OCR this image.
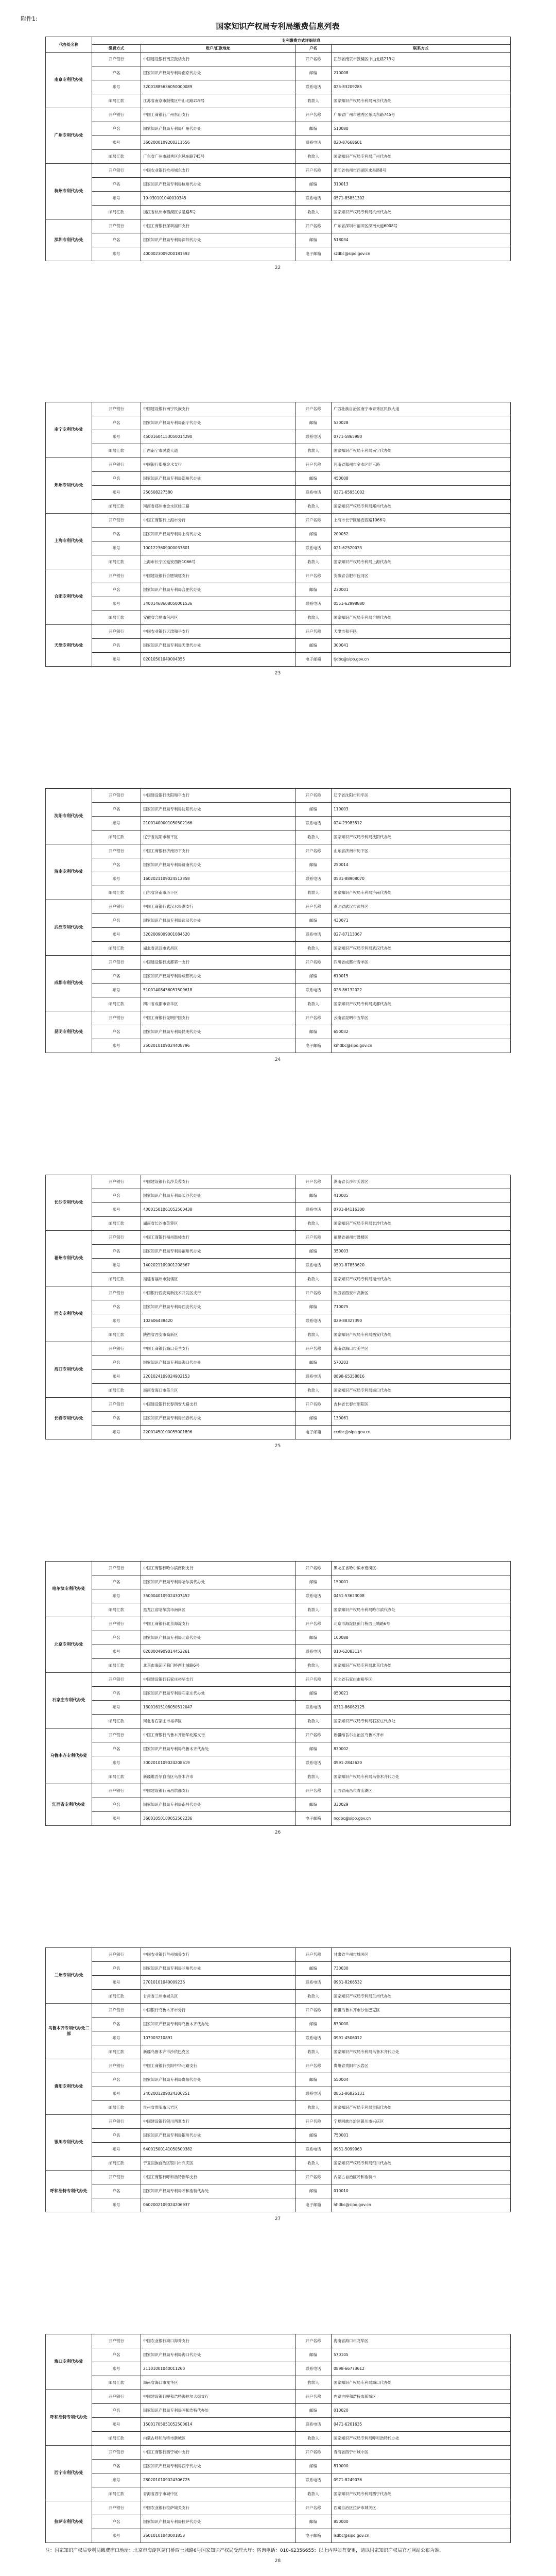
附件1:
国家知识产权局专利局缴费信息列表
代办处名称	专利缴费方式详细信息			
	缴费方式	账户/汇款地址	户名	联系方式
南京专利代办处	开户银行	中国建设银行南京鼓楼支行	开户名称	江苏省南京市鼓楼区中山北路219号
	户名	国家知识产权局专利局南京代办处	邮编	210008
	账号	32001885636050000089	联系电话	025-83209285
	邮局汇款	江苏省南京市鼓楼区中山北路219号	收款人	国家知识产权局专利局南京代办处
广州专利代办处	开户银行	中国工商银行广州东山支行	开户名称	广东省广州市越秀区东风东路745号
	户名	国家知识产权局专利局广州代办处	邮编	510080
	账号	3602000109200211556	联系电话	020-87668601
	邮局汇款	广东省广州市越秀区东风东路745号	收款人	国家知识产权局专利局广州代办处
杭州专利代办处	开户银行	中国农业银行杭州城东支行	开户名称	浙江省杭州市西湖区求是路8号
	户名	国家知识产权局专利局杭州代办处	邮编	310013
	账号	19-030101040010345	联系电话	0571-85851302
	邮局汇款	浙江省杭州市西湖区求是路8号	收款人	国家知识产权局专利局杭州代办处
深圳专利代办处	开户银行	中国工商银行深圳福田支行	开户名称	广东省深圳市福田区深南大道6008号
	户名	国家知识产权局专利局深圳代办处	邮编	518034
	账号	4000023009200181592	电子邮箱	szdbc@sipo.gov.cn
22
南宁专利代办处	开户银行	中国建设银行南宁民族支行	开户名称	广西壮族自治区南宁市青秀区民族大道
	户名	国家知识产权局专利局南宁代办处	邮编	530028
	账号	45001604153050014290	联系电话	0771-5865980
	邮局汇款	广西南宁市民族大道	收款人	国家知识产权局专利局南宁代办处
郑州专利代办处	开户银行	中国银行郑州金水支行	开户名称	河南省郑州市金水区经三路
	户名	国家知识产权局专利局郑州代办处	邮编	450008
	账号	250508227580	联系电话	0371-65951002
	邮局汇款	河南省郑州市金水区经三路	收款人	国家知识产权局专利局郑州代办处
上海专利代办处	开户银行	中国工商银行上海市分行	开户名称	上海市长宁区延安西路1066号
	户名	国家知识产权局专利局上海代办处	邮编	200052
	账号	1001223609000037801	联系电话	021-62520033
	邮局汇款	上海市长宁区延安西路1066号	收款人	国家知识产权局专利局上海代办处
合肥专利代办处	开户银行	中国建设银行合肥城建支行	开户名称	安徽省合肥市包河区
	户名	国家知识产权局专利局合肥代办处	邮编	230001
	账号	34001468608050001536	联系电话	0551-62998880
	邮局汇款	安徽省合肥市包河区	收款人	国家知识产权局专利局合肥代办处
天津专利代办处	开户银行	中国农业银行天津和平支行	开户名称	天津市和平区
	户名	国家知识产权局专利局天津代办处	邮编	300041
	账号	02010501040004355	电子邮箱	tjdbc@sipo.gov.cn
23
沈阳专利代办处	开户银行	中国建设银行沈阳和平支行	开户名称	辽宁省沈阳市和平区
	户名	国家知识产权局专利局沈阳代办处	邮编	110003
	账号	21001400001050502166	联系电话	024-23983512
	邮局汇款	辽宁省沈阳市和平区	收款人	国家知识产权局专利局沈阳代办处
济南专利代办处	开户银行	中国工商银行济南历下支行	开户名称	山东省济南市历下区
	户名	国家知识产权局专利局济南代办处	邮编	250014
	账号	1602021109024512358	联系电话	0531-88908070
	邮局汇款	山东省济南市历下区	收款人	国家知识产权局专利局济南代办处
武汉专利代办处	开户银行	中国工商银行武汉水果湖支行	开户名称	湖北省武汉市武昌区
	户名	国家知识产权局专利局武汉代办处	邮编	430071
	账号	3202009009001084520	联系电话	027-87113367
	邮局汇款	湖北省武汉市武昌区	收款人	国家知识产权局专利局武汉代办处
成都专利代办处	开户银行	中国建设银行成都第一支行	开户名称	四川省成都市青羊区
	户名	国家知识产权局专利局成都代办处	邮编	610015
	账号	51001408436051509618	联系电话	028-86132022
	邮局汇款	四川省成都市青羊区	收款人	国家知识产权局专利局成都代办处
昆明专利代办处	开户银行	中国工商银行昆明护国支行	开户名称	云南省昆明市五华区
	户名	国家知识产权局专利局昆明代办处	邮编	650032
	账号	2502010109024408796	电子邮箱	kmdbc@sipo.gov.cn
24
长沙专利代办处	开户银行	中国建设银行长沙芙蓉支行	开户名称	湖南省长沙市芙蓉区
	户名	国家知识产权局专利局长沙代办处	邮编	410005
	账号	43001501061052500438	联系电话	0731-84116300
	邮局汇款	湖南省长沙市芙蓉区	收款人	国家知识产权局专利局长沙代办处
福州专利代办处	开户银行	中国工商银行福州鼓楼支行	开户名称	福建省福州市鼓楼区
	户名	国家知识产权局专利局福州代办处	邮编	350003
	账号	1402021109001208367	联系电话	0591-87853620
	邮局汇款	福建省福州市鼓楼区	收款人	国家知识产权局专利局福州代办处
西安专利代办处	开户银行	中国银行西安高新技术开发区支行	开户名称	陕西省西安市高新区
	户名	国家知识产权局专利局西安代办处	邮编	710075
	账号	102606438420	联系电话	029-88327390
	邮局汇款	陕西省西安市高新区	收款人	国家知识产权局专利局西安代办处
海口专利代办处	开户银行	中国工商银行海口美兰支行	开户名称	海南省海口市美兰区
	户名	国家知识产权局专利局海口代办处	邮编	570203
	账号	2201024109024902153	联系电话	0898-65358816
	邮局汇款	海南省海口市美兰区	收款人	国家知识产权局专利局海口代办处
长春专利代办处	开户银行	中国建设银行长春西安大路支行	开户名称	吉林省长春市朝阳区
	户名	国家知识产权局专利局长春代办处	邮编	130061
	账号	22001450100055001896	电子邮箱	ccdbc@sipo.gov.cn
25
哈尔滨专利代办处	开户银行	中国工商银行哈尔滨南岗支行	开户名称	黑龙江省哈尔滨市南岗区
	户名	国家知识产权局专利局哈尔滨代办处	邮编	150001
	账号	3500040109024307452	联系电话	0451-53623008
	邮局汇款	黑龙江省哈尔滨市南岗区	收款人	国家知识产权局专利局哈尔滨代办处
北京专利代办处	开户银行	中国工商银行北京海淀支行	开户名称	北京市海淀区蓟门桥西土城路6号
	户名	国家知识产权局专利局北京代办处	邮编	100088
	账号	0200004909014452261	联系电话	010-62083114
	邮局汇款	北京市海淀区蓟门桥西土城路6号	收款人	国家知识产权局专利局北京代办处
石家庄专利代办处	开户银行	中国建设银行石家庄裕华支行	开户名称	河北省石家庄市裕华区
	户名	国家知识产权局专利局石家庄代办处	邮编	050021
	账号	13001615108050512047	联系电话	0311-86062125
	邮局汇款	河北省石家庄市裕华区	收款人	国家知识产权局专利局石家庄代办处
乌鲁木齐专利代办处	开户银行	中国工商银行乌鲁木齐新华北路支行	开户名称	新疆维吾尔自治区乌鲁木齐市
	户名	国家知识产权局专利局乌鲁木齐代办处	邮编	830002
	账号	3002010109024208619	联系电话	0991-2842620
	邮局汇款	新疆维吾尔自治区乌鲁木齐市	收款人	国家知识产权局专利局乌鲁木齐代办处
江西省专利代办处	开户银行	中国建设银行南昌洪都支行	开户名称	江西省南昌市青山湖区
	户名	国家知识产权局专利局南昌代办处	邮编	330029
	账号	36001050100052502236	电子邮箱	ncdbc@sipo.gov.cn
26
兰州专利代办处	开户银行	中国农业银行兰州城关支行	开户名称	甘肃省兰州市城关区
	户名	国家知识产权局专利局兰州代办处	邮编	730030
	账号	27010101040009236	联系电话	0931-8266532
	邮局汇款	甘肃省兰州市城关区	收款人	国家知识产权局专利局兰州代办处
乌鲁木齐专利代办处二部	开户银行	中国银行乌鲁木齐市分行	开户名称	新疆乌鲁木齐市沙依巴克区
	户名	国家知识产权局专利局乌鲁木齐代办处	邮编	830000
	账号	107003210891	联系电话	0991-4506012
	邮局汇款	新疆乌鲁木齐市沙依巴克区	收款人	国家知识产权局专利局乌鲁木齐代办处
贵阳专利代办处	开户银行	中国工商银行贵阳中华北路支行	开户名称	贵州省贵阳市云岩区
	户名	国家知识产权局专利局贵阳代办处	邮编	550004
	账号	2402001209024306251	联系电话	0851-86825131
	邮局汇款	贵州省贵阳市云岩区	收款人	国家知识产权局专利局贵阳代办处
银川专利代办处	开户银行	中国建设银行银川西夏支行	开户名称	宁夏回族自治区银川市兴庆区
	户名	国家知识产权局专利局银川代办处	邮编	750001
	账号	64001500141050500382	联系电话	0951-5099063
	邮局汇款	宁夏回族自治区银川市兴庆区	收款人	国家知识产权局专利局银川代办处
呼和浩特专利代办处	开户银行	中国工商银行呼和浩特新华支行	开户名称	内蒙古自治区呼和浩特市
	户名	国家知识产权局专利局呼和浩特代办处	邮编	010010
	账号	0602002109024206937	电子邮箱	hhdbc@sipo.gov.cn
27
海口专利代办处	开户银行	中国农业银行海口海秀支行	开户名称	海南省海口市龙华区
	户名	国家知识产权局专利局海口代办处	邮编	570105
	账号	21101001040011260	联系电话	0898-66773612
	邮局汇款	海南省海口市龙华区	收款人	国家知识产权局专利局海口代办处
呼和浩特专利代办处	开户银行	中国建设银行呼和浩特海拉尔大街支行	开户名称	内蒙古呼和浩特市新城区
	户名	国家知识产权局专利局呼和浩特代办处	邮编	010020
	账号	15001705051052500614	联系电话	0471-6201635
	邮局汇款	内蒙古呼和浩特市新城区	收款人	国家知识产权局专利局呼和浩特代办处
西宁专利代办处	开户银行	中国工商银行西宁城中支行	开户名称	青海省西宁市城中区
	户名	国家知识产权局专利局西宁代办处	邮编	810000
	账号	2802010109024306725	联系电话	0971-8249036
	邮局汇款	青海省西宁市城中区	收款人	国家知识产权局专利局西宁代办处
拉萨专利代办处	开户银行	中国农业银行拉萨城关支行	开户名称	西藏自治区拉萨市城关区
	户名	国家知识产权局专利局拉萨代办处	邮编	850000
	账号	26010101040001853	电子邮箱	lsdbc@sipo.gov.cn
注：国家知识产权局专利局缴费窗口地址：北京市海淀区蓟门桥西土城路6号国家知识产权局受理大厅；咨询电话：010-62356655；以上内容如有变更，请以国家知识产权局官方网站公布为准。
28
